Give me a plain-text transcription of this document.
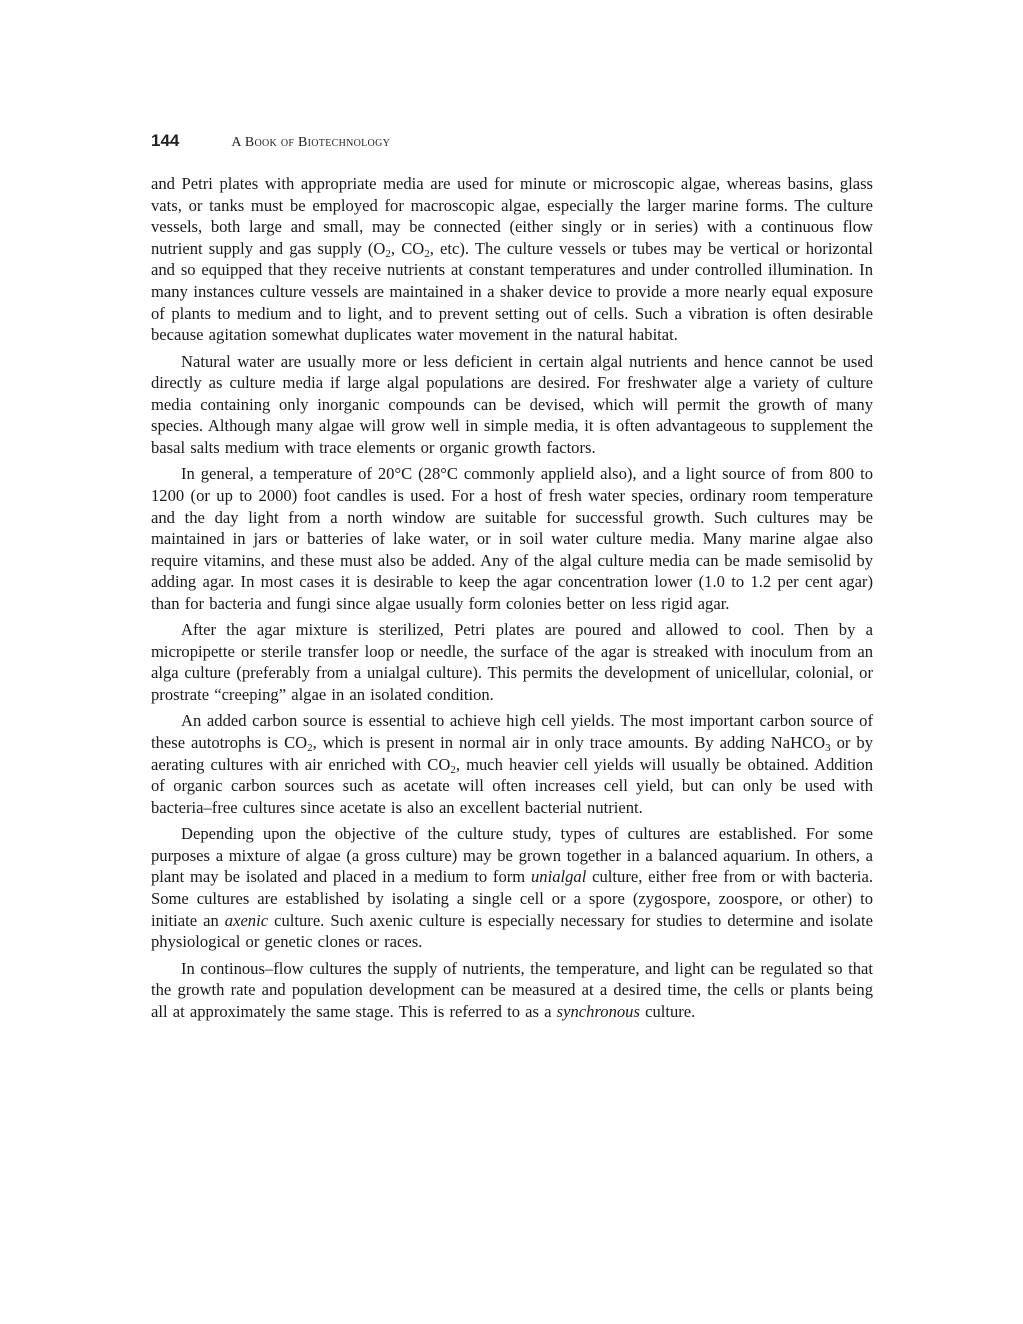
144	A Book of Biotechnology

and Petri plates with appropriate media are used for minute or microscopic algae, whereas basins, glass vats, or tanks must be employed for macroscopic algae, especially the larger marine forms. The culture vessels, both large and small, may be connected (either singly or in series) with a continuous flow nutrient supply and gas supply ($O_2$, $CO_2$, etc). The culture vessels or tubes may be vertical or horizontal and so equipped that they receive nutrients at constant temperatures and under controlled illumination. In many instances culture vessels are maintained in a shaker device to provide a more nearly equal exposure of plants to medium and to light, and to prevent setting out of cells. Such a vibration is often desirable because agitation somewhat duplicates water movement in the natural habitat.

Natural water are usually more or less deficient in certain algal nutrients and hence cannot be used directly as culture media if large algal populations are desired. For freshwater alge a variety of culture media containing only inorganic compounds can be devised, which will permit the growth of many species. Although many algae will grow well in simple media, it is often advantageous to supplement the basal salts medium with trace elements or organic growth factors.

In general, a temperature of 20°C (28°C commonly applield also), and a light source of from 800 to 1200 (or up to 2000) foot candles is used. For a host of fresh water species, ordinary room temperature and the day light from a north window are suitable for successful growth. Such cultures may be maintained in jars or batteries of lake water, or in soil water culture media. Many marine algae also require vitamins, and these must also be added. Any of the algal culture media can be made semisolid by adding agar. In most cases it is desirable to keep the agar concentration lower (1.0 to 1.2 per cent agar) than for bacteria and fungi since algae usually form colonies better on less rigid agar.

After the agar mixture is sterilized, Petri plates are poured and allowed to cool. Then by a micropipette or sterile transfer loop or needle, the surface of the agar is streaked with inoculum from an alga culture (preferably from a unialgal culture). This permits the development of unicellular, colonial, or prostrate “creeping” algae in an isolated condition.

An added carbon source is essential to achieve high cell yields. The most important carbon source of these autotrophs is $CO_2$, which is present in normal air in only trace amounts. By adding NaHCO$_3$ or by aerating cultures with air enriched with $CO_2$, much heavier cell yields will usually be obtained. Addition of organic carbon sources such as acetate will often increases cell yield, but can only be used with bacteria–free cultures since acetate is also an excellent bacterial nutrient.

Depending upon the objective of the culture study, types of cultures are established. For some purposes a mixture of algae (a gross culture) may be grown together in a balanced aquarium. In others, a plant may be isolated and placed in a medium to form unialgal culture, either free from or with bacteria. Some cultures are established by isolating a single cell or a spore (zygospore, zoospore, or other) to initiate an axenic culture. Such axenic culture is especially necessary for studies to determine and isolate physiological or genetic clones or races.

In continous–flow cultures the supply of nutrients, the temperature, and light can be regulated so that the growth rate and population development can be measured at a desired time, the cells or plants being all at approximately the same stage. This is referred to as a synchronous culture.
